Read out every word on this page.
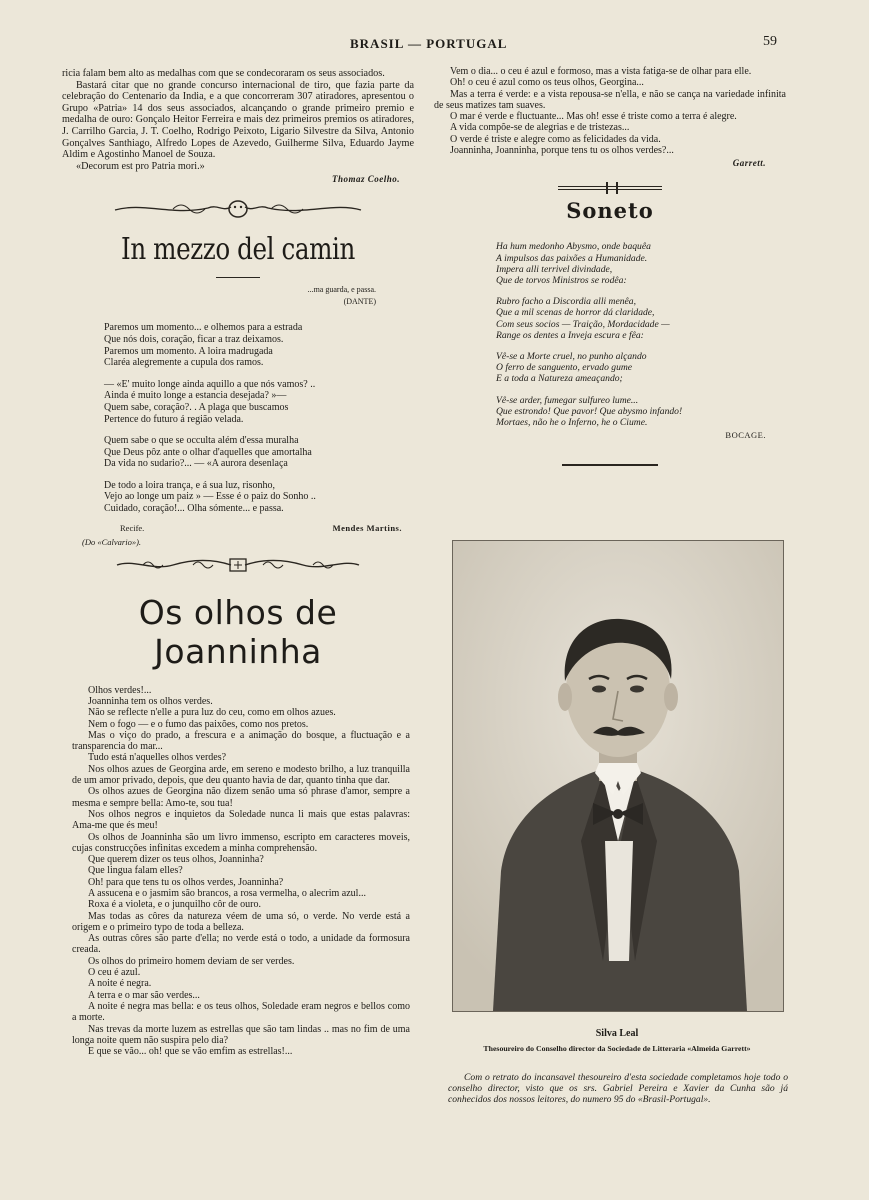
BRASIL — PORTUGAL	59

ricia falam bem alto as medalhas com que se condecoraram os seus associados.

Bastará citar que no grande concurso internacional de tiro, que fazia parte da celebração do Centenario da India, e a que concorreram 307 atiradores, apresentou o Grupo «Patria» 14 dos seus associados, alcançando o grande primeiro premio e medalha de ouro: Gonçalo Heitor Ferreira e mais dez primeiros premios os atiradores, J. Carrilho Garcia, J. T. Coelho, Rodrigo Peixoto, Ligario Silvestre da Silva, Antonio Gonçalves Santhiago, Alfredo Lopes de Azevedo, Guilherme Silva, Eduardo Jayme Aldim e Agostinho Manoel de Souza.

«Decorum est pro Patria mori.»

Thomaz Coelho.
In mezzo del camin
...ma guarda, e passa.
(DANTE)
Paremos um momento... e olhemos para a estrada
Que nós dois, coração, ficar a traz deixamos.
Paremos um momento. A loira madrugada
Claréa alegremente a cupula dos ramos.
— «E' muito longe ainda aquillo a que nós vamos? ..
Ainda é muito longe a estancia desejada? »—
Quem sabe, coração?. . A plaga que buscamos
Pertence do futuro á região velada.
Quem sabe o que se occulta além d'essa muralha
Que Deus pôz ante o olhar d'aquelles que amortalha
Da vida no sudario?... — «A aurora desenlaça
De todo a loira trança, e á sua luz, risonho,
Vejo ao longe um paiz » — Esse é o paiz do Sonho ..
Cuidado, coração!... Olha sómente... e passa.
Recife.	Mendes Martins.
(Do «Calvario»).
Os olhos de Joanninha
Olhos verdes!...
Joanninha tem os olhos verdes.
Não se reflecte n'elle a pura luz do ceu, como em olhos azues.
Nem o fogo — e o fumo das paixões, como nos pretos.
Mas o viço do prado, a frescura e a animação do bosque, a fluctuação e a transparencia do mar...
Tudo está n'aquelles olhos verdes?
Nos olhos azues de Georgina arde, em sereno e modesto brilho, a luz tranquilla de um amor privado, depois, que deu quanto havia de dar, quanto tinha que dar.
Os olhos azues de Georgina não dizem senão uma só phrase d'amor, sempre a mesma e sempre bella: Amo-te, sou tua!
Nos olhos negros e inquietos da Soledade nunca li mais que estas palavras: Ama-me que és meu!
Os olhos de Joanninha são um livro immenso, escripto em caracteres moveis, cujas construcções infinitas excedem a minha comprehensão.
Que querem dizer os teus olhos, Joanninha?
Que lingua falam elles?
Oh! para que tens tu os olhos verdes, Joanninha?
A assucena e o jasmim são brancos, a rosa vermelha, o alecrim azul...
Roxa é a violeta, e o junquilho côr de ouro.
Mas todas as côres da natureza véem de uma só, o verde. No verde está a origem e o primeiro typo de toda a belleza.
As outras côres são parte d'ella; no verde está o todo, a unidade da formosura creada.
Os olhos do primeiro homem deviam de ser verdes.
O ceu é azul.
A noite é negra.
A terra e o mar são verdes...
A noite é negra mas bella: e os teus olhos, Soledade eram negros e bellos como a morte.
Nas trevas da morte luzem as estrellas que são tam lindas .. mas no fim de uma longa noite quem não suspira pelo dia?
E que se vão... oh! que se vão emfim as estrellas!...
Vem o dia... o ceu é azul e formoso, mas a vista fatiga-se de olhar para elle.
Oh! o ceu é azul como os teus olhos, Georgina...
Mas a terra é verde: e a vista repousa-se n'ella, e não se cança na variedade infinita de seus matizes tam suaves.
O mar é verde e fluctuante... Mas oh! esse é triste como a terra é alegre.
A vida compõe-se de alegrias e de tristezas...
O verde é triste e alegre como as felicidades da vida.
Joanninha, Joanninha, porque tens tu os olhos verdes?...
Garrett.
Soneto
Ha hum medonho Abysmo, onde baquêa
A impulsos das paixões a Humanidade.
Impera alli terrivel divindade,
Que de torvos Ministros se rodêa:
Rubro facho a Discordia alli menêa,
Que a mil scenas de horror dá claridade,
Com seus socios — Traição, Mordacidade —
Range os dentes a Inveja escura e fêa:
Vê-se a Morte cruel, no punho alçando
O ferro de sanguento, ervado gume
E a toda a Natureza ameaçando;
Vê-se arder, fumegar sulfureo lume...
Que estrondo! Que pavor! Que abysmo infando!
Mortaes, não he o Inferno, he o Ciume.
BOCAGE.
Silva Leal
Thesoureiro do Conselho director da Sociedade de Litteraria «Almeida Garrett»
Com o retrato do incansavel thesoureiro d'esta sociedade completamos hoje todo o conselho director, visto que os srs. Gabriel Pereira e Xavier da Cunha são já conhecidos dos nossos leitores, do numero 95 do «Brasil-Portugal».
